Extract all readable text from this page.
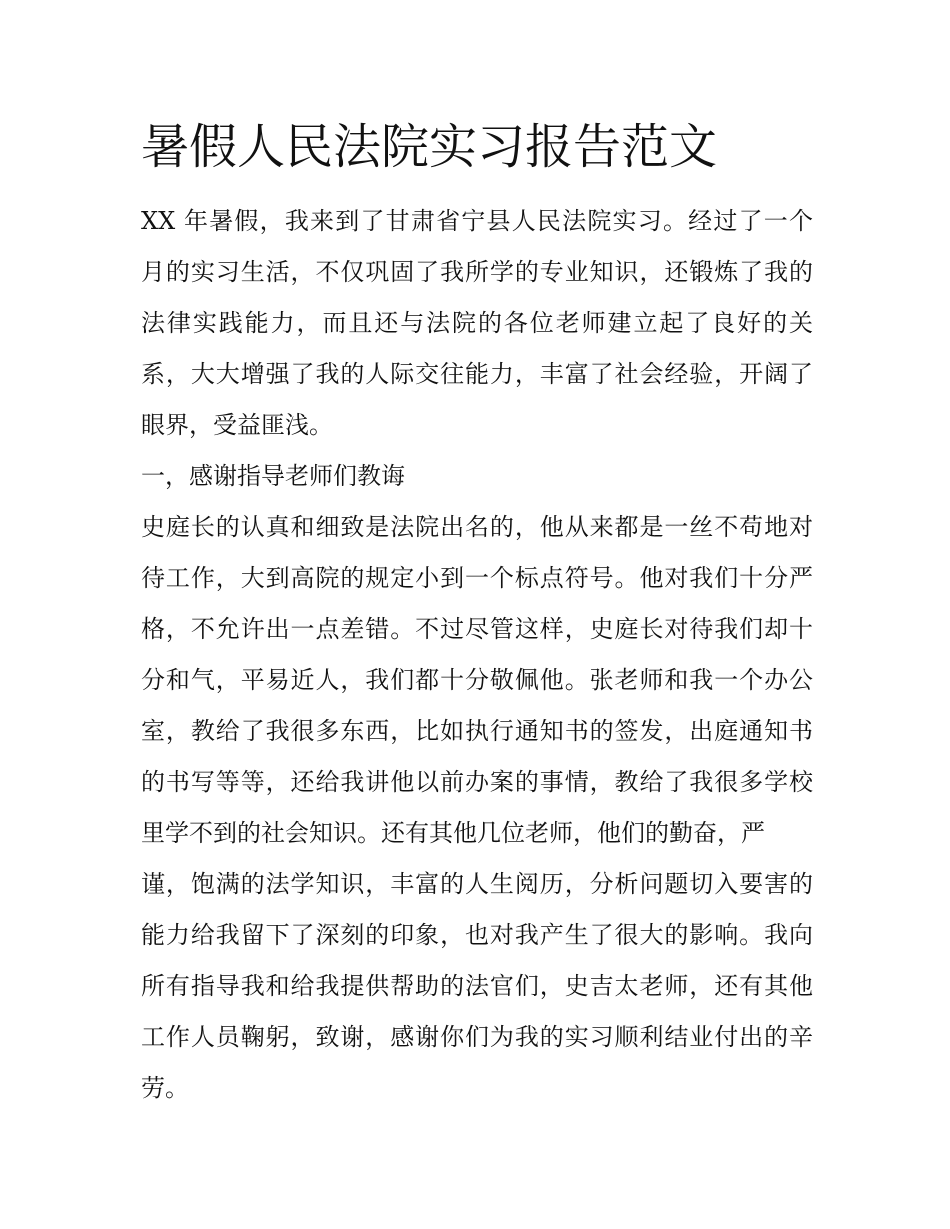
暑假人民法院实习报告范文

XX 年暑假，我来到了甘肃省宁县人民法院实习。经过了一个
月的实习生活，不仅巩固了我所学的专业知识，还锻炼了我的
法律实践能力，而且还与法院的各位老师建立起了良好的关
系，大大增强了我的人际交往能力，丰富了社会经验，开阔了
眼界，受益匪浅。

一，感谢指导老师们教诲

史庭长的认真和细致是法院出名的，他从来都是一丝不苟地对
待工作，大到高院的规定小到一个标点符号。他对我们十分严
格，不允许出一点差错。不过尽管这样，史庭长对待我们却十
分和气，平易近人，我们都十分敬佩他。张老师和我一个办公
室，教给了我很多东西，比如执行通知书的签发，出庭通知书
的书写等等，还给我讲他以前办案的事情，教给了我很多学校
里学不到的社会知识。还有其他几位老师，他们的勤奋，严
谨，饱满的法学知识，丰富的人生阅历，分析问题切入要害的
能力给我留下了深刻的印象，也对我产生了很大的影响。我向
所有指导我和给我提供帮助的法官们，史吉太老师，还有其他
工作人员鞠躬，致谢，感谢你们为我的实习顺利结业付出的辛
劳。
